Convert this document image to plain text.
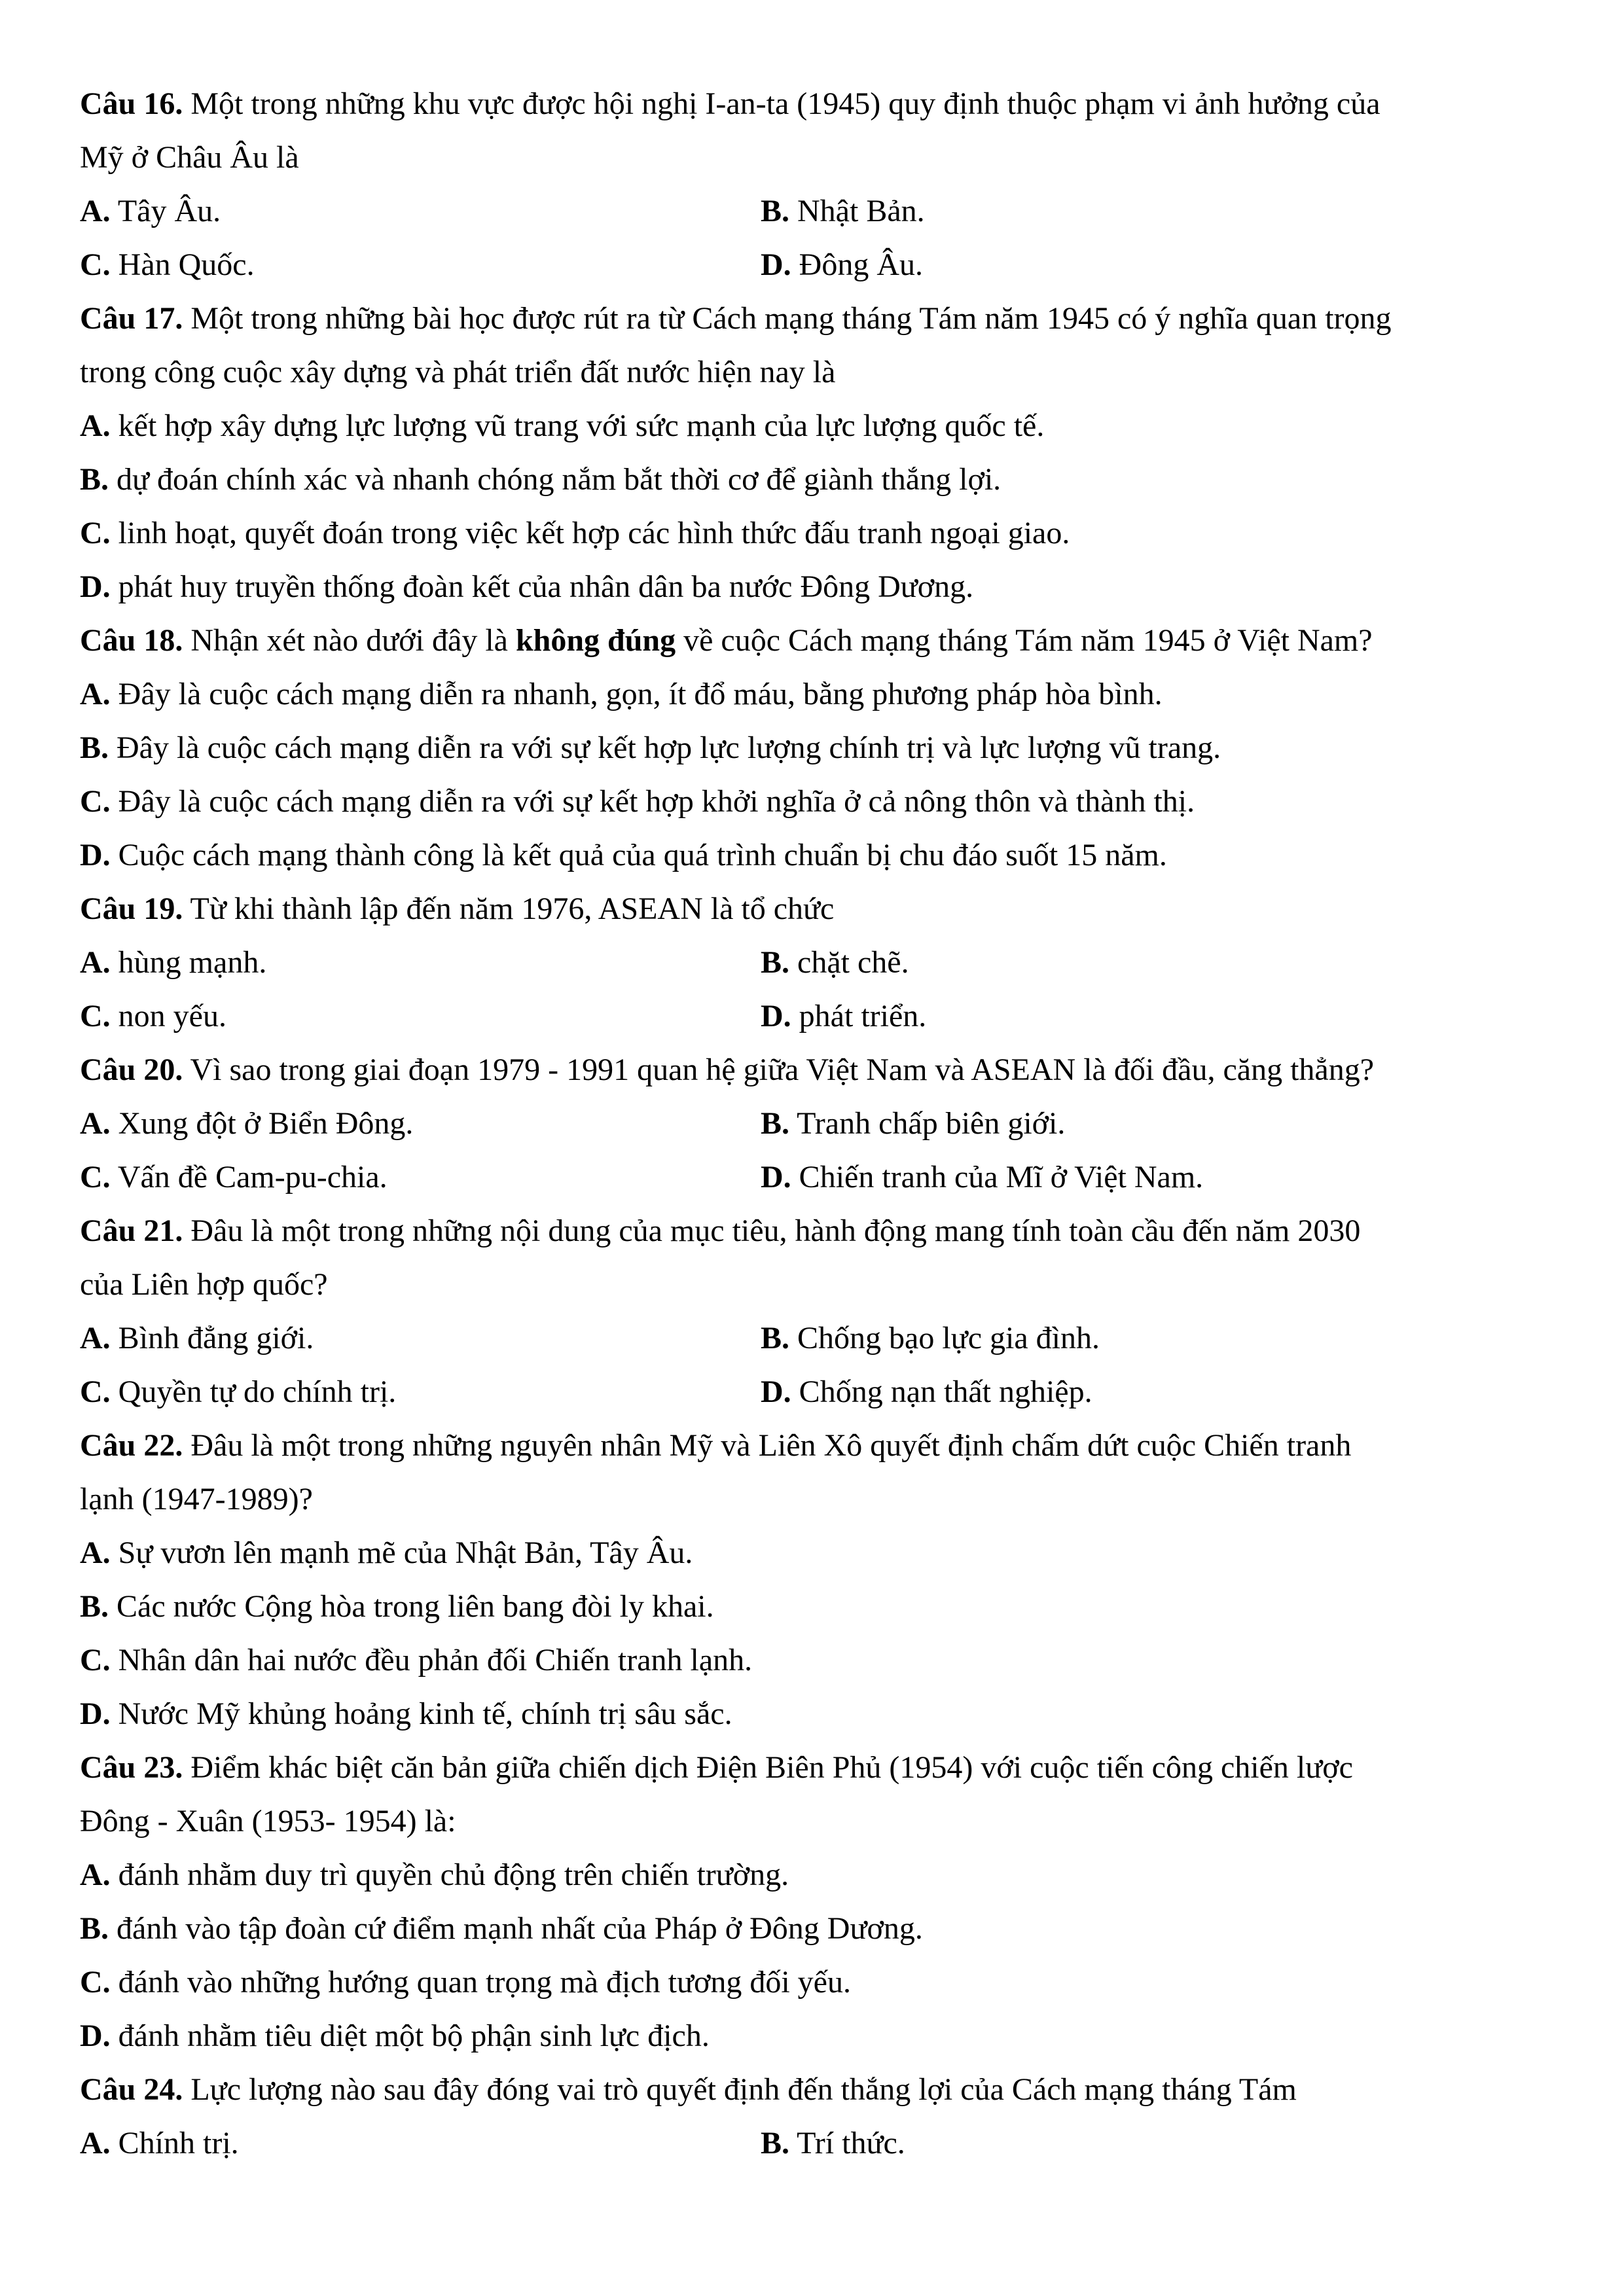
Câu 16. Một trong những khu vực được hội nghị I-an-ta (1945) quy định thuộc phạm vi ảnh hưởng của
Mỹ ở Châu Âu là
A. Tây Âu.	B. Nhật Bản.
C. Hàn Quốc.	D. Đông Âu.
Câu 17. Một trong những bài học được rút ra từ Cách mạng tháng Tám năm 1945 có ý nghĩa quan trọng
trong công cuộc xây dựng và phát triển đất nước hiện nay là
A. kết hợp xây dựng lực lượng vũ trang với sức mạnh của lực lượng quốc tế.
B. dự đoán chính xác và nhanh chóng nắm bắt thời cơ để giành thắng lợi.
C. linh hoạt, quyết đoán trong việc kết hợp các hình thức đấu tranh ngoại giao.
D. phát huy truyền thống đoàn kết của nhân dân ba nước Đông Dương.
Câu 18. Nhận xét nào dưới đây là không đúng về cuộc Cách mạng tháng Tám năm 1945 ở Việt Nam?
A. Đây là cuộc cách mạng diễn ra nhanh, gọn, ít đổ máu, bằng phương pháp hòa bình.
B. Đây là cuộc cách mạng diễn ra với sự kết hợp lực lượng chính trị và lực lượng vũ trang.
C. Đây là cuộc cách mạng diễn ra với sự kết hợp khởi nghĩa ở cả nông thôn và thành thị.
D. Cuộc cách mạng thành công là kết quả của quá trình chuẩn bị chu đáo suốt 15 năm.
Câu 19. Từ khi thành lập đến năm 1976, ASEAN là tổ chức
A. hùng mạnh.	B. chặt chẽ.
C. non yếu.	D. phát triển.
Câu 20. Vì sao trong giai đoạn 1979 - 1991 quan hệ giữa Việt Nam và ASEAN là đối đầu, căng thẳng?
A. Xung đột ở Biển Đông.	B. Tranh chấp biên giới.
C. Vấn đề Cam-pu-chia.	D. Chiến tranh của Mĩ ở Việt Nam.
Câu 21. Đâu là một trong những nội dung của mục tiêu, hành động mang tính toàn cầu đến năm 2030
của Liên hợp quốc?
A. Bình đẳng giới.	B. Chống bạo lực gia đình.
C. Quyền tự do chính trị.	D. Chống nạn thất nghiệp.
Câu 22. Đâu là một trong những nguyên nhân Mỹ và Liên Xô quyết định chấm dứt cuộc Chiến tranh
lạnh (1947-1989)?
A. Sự vươn lên mạnh mẽ của Nhật Bản, Tây Âu.
B. Các nước Cộng hòa trong liên bang đòi ly khai.
C. Nhân dân hai nước đều phản đối Chiến tranh lạnh.
D. Nước Mỹ khủng hoảng kinh tế, chính trị sâu sắc.
Câu 23. Điểm khác biệt căn bản giữa chiến dịch Điện Biên Phủ (1954) với cuộc tiến công chiến lược
Đông - Xuân (1953- 1954) là:
A. đánh nhằm duy trì quyền chủ động trên chiến trường.
B. đánh vào tập đoàn cứ điểm mạnh nhất của Pháp ở Đông Dương.
C. đánh vào những hướng quan trọng mà địch tương đối yếu.
D. đánh nhằm tiêu diệt một bộ phận sinh lực địch.
Câu 24. Lực lượng nào sau đây đóng vai trò quyết định đến thắng lợi của Cách mạng tháng Tám
A. Chính trị.	B. Trí thức.
